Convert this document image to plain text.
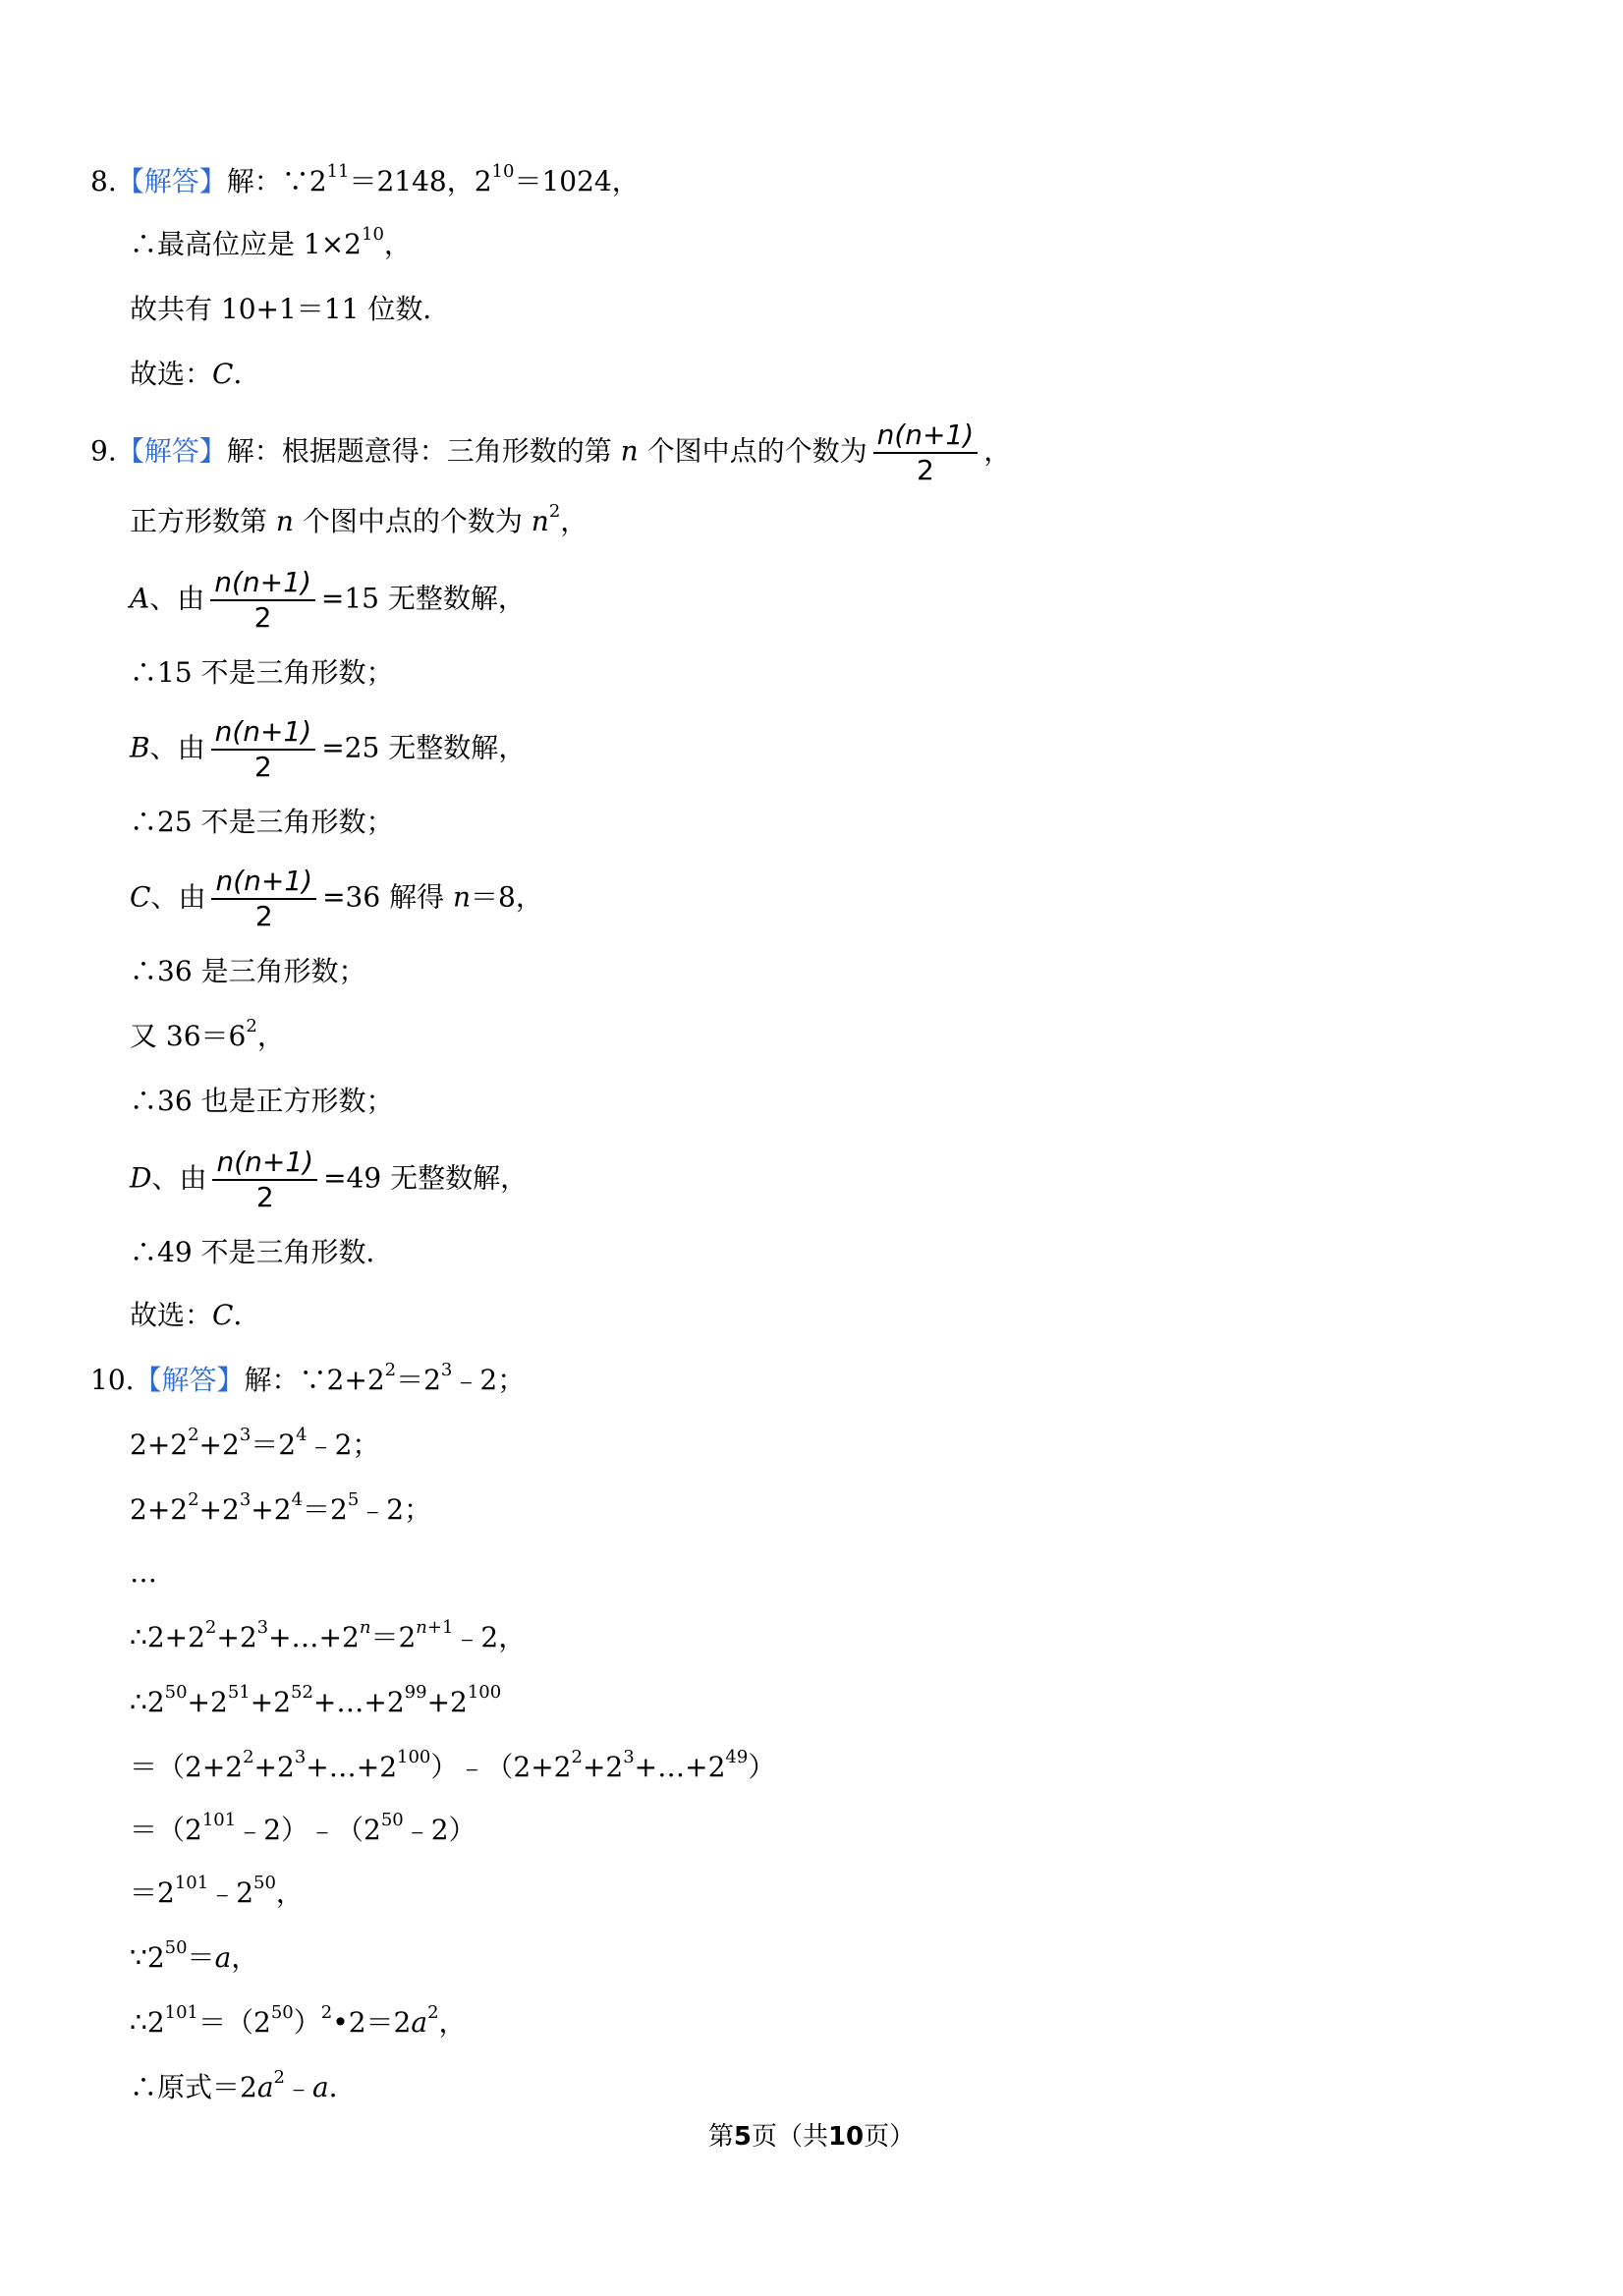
8.【解答】解：$\because 2^{11}=2148$，$2^{10}=1024$，
∴最高位应是 $1\times 2^{10}$，
故共有 10+1＝11 位数．
故选：C．
9.【解答】解：根据题意得：三角形数的第 n 个图中点的个数为 $\frac{n(n+1)}{2}$ ，
正方形数第 n 个图中点的个数为 $n^2$，
A、由 $\frac{n(n+1)}{2} =15$ 无整数解，
∴15 不是三角形数；
B、由 $\frac{n(n+1)}{2} =25$ 无整数解，
∴25 不是三角形数；
C、由 $\frac{n(n+1)}{2} =36$ 解得 n＝8，
∴36 是三角形数；
又 $36=6^2$，
∴36 也是正方形数；
D、由 $\frac{n(n+1)}{2} =49$ 无整数解，
∴49 不是三角形数．
故选：C．
10.【解答】解：$\because 2+2^2=2^3﹣2$；
$2+2^2+2^3=2^4﹣2$；
$2+2^2+2^3+2^4=2^5﹣2$；
…
$\therefore 2+2^2+2^3+\dots+2^n=2^{n+1}﹣2$，
$\therefore 2^{50}+2^{51}+2^{52}+\dots+2^{99}+2^{100}$
$=(2+2^2+2^3+\dots+2^{100})﹣(2+2^2+2^3+\dots+2^{49})$
$=(2^{101}﹣2)﹣(2^{50}﹣2)$
$=2^{101}﹣2^{50}$，
$\because 2^{50}=a$，
$\therefore 2^{101}=(2^{50})^2•2=2a^2$，
∴原式$=2a^2﹣a$．
第5页（共10页）
